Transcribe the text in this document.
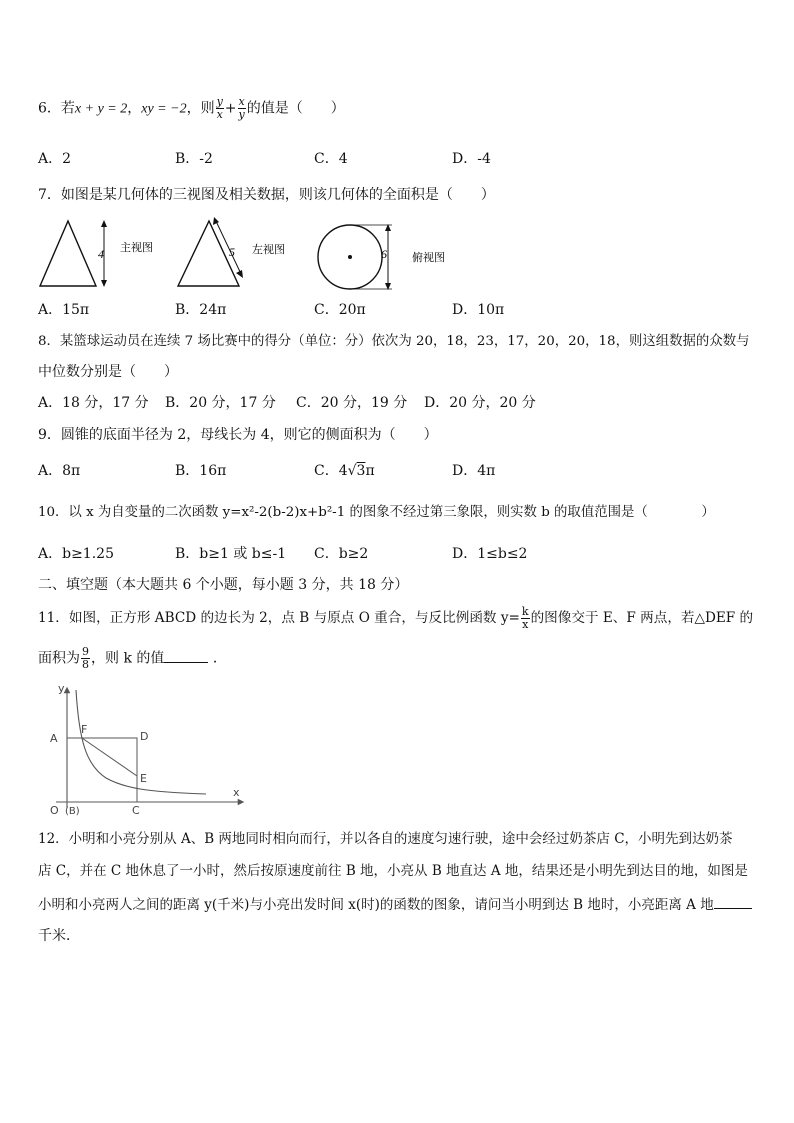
6．若x + y = 2，xy = −2，则 $\frac{y}{x} + \frac{x}{y}$ 的值是（　　）
A．2	B．-2	C．4	D．-4
7．如图是某几何体的三视图及相关数据，则该几何体的全面积是（　　）
4 主视图	5 左视图	6 俯视图
A．15π	B．24π	C．20π	D．10π
8．某篮球运动员在连续 7 场比赛中的得分（单位：分）依次为 20，18，23，17，20，20，18，则这组数据的众数与
中位数分别是（　　）
A．18 分，17 分 B．20 分，17 分 C．20 分，19 分 D．20 分，20 分
9．圆锥的底面半径为 2，母线长为 4，则它的侧面积为（　　）
A．8π	B．16π	C．4√3π	D．4π
10．以 x 为自变量的二次函数 y=x²-2(b-2)x+b²-1 的图象不经过第三象限，则实数 b 的取值范围是（　　　　）
A．b≥1.25	B．b≥1 或 b≤-1 C．b≥2	D．1≤b≤2
二、填空题（本大题共 6 个小题，每小题 3 分，共 18 分）
11．如图，正方形 ABCD 的边长为 2，点 B 与原点 O 重合，与反比例函数 $y= \frac{k}{x}$ 的图像交于 E、F 两点，若△DEF 的
面积为 $\frac{9}{8}$ ，则 k 的值	．
y
x
A
F
D
E
O (B)	C
12．小明和小亮分别从 A、B 两地同时相向而行，并以各自的速度匀速行驶，途中会经过奶茶店 C，小明先到达奶茶
店 C，并在 C 地休息了一小时，然后按原速度前往 B 地，小亮从 B 地直达 A 地，结果还是小明先到达目的地，如图是
小明和小亮两人之间的距离 y(千米)与小亮出发时间 x(时)的函数的图象，请问当小明到达 B 地时，小亮距离 A 地
千米．
